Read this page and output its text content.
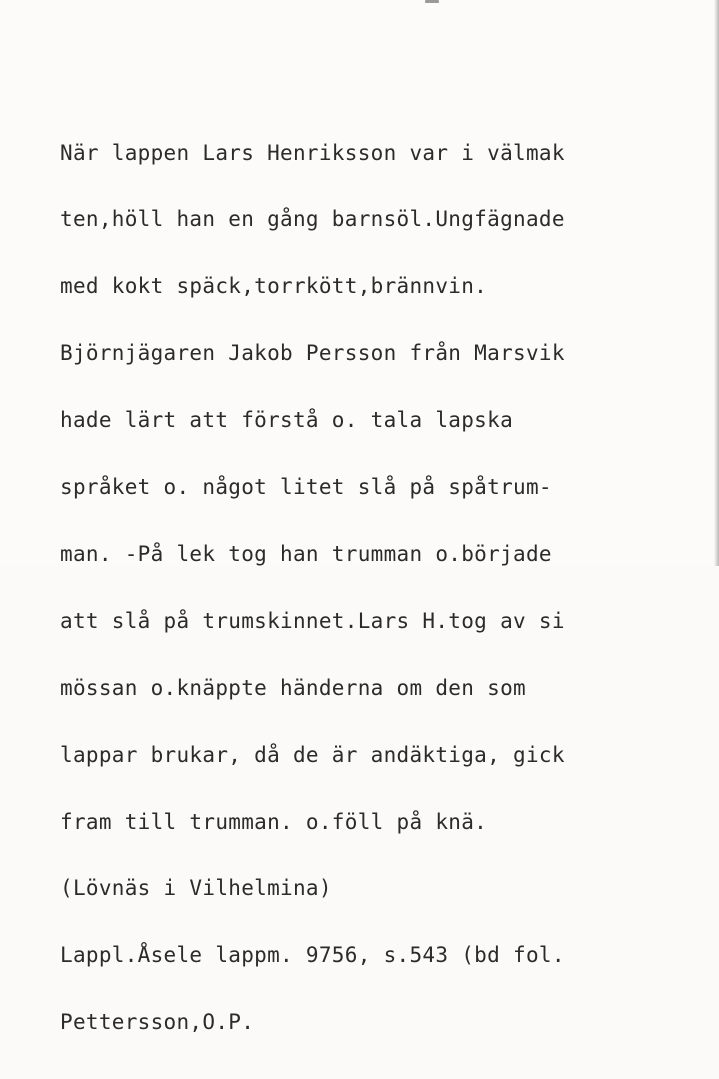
När lappen Lars Henriksson var i välmak

ten,höll han en gång barnsöl.Ungfägnade

med kokt späck,torrkött,brännvin.

Björnjägaren Jakob Persson från Marsvik

hade lärt att förstå o. tala lapska

språket o. något litet slå på spåtrum-

man. -På lek tog han trumman o.började

att slå på trumskinnet.Lars H.tog av si

mössan o.knäppte händerna om den som

lappar brukar, då de är andäktiga, gick

fram till trumman. o.föll på knä.

(Lövnäs i Vilhelmina)

Lappl.Åsele lappm. 9756, s.543 (bd fol.

Pettersson,O.P.
